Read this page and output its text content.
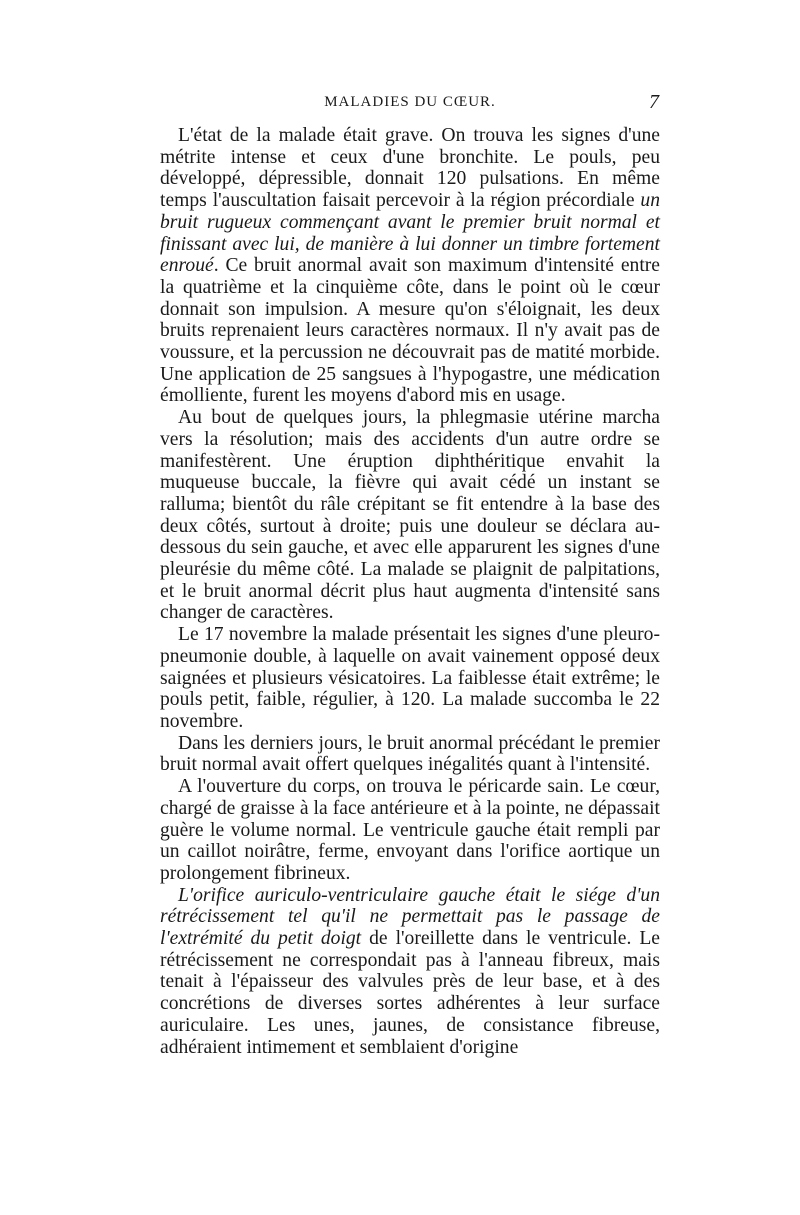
MALADIES DU CŒUR.	7

L'état de la malade était grave. On trouva les signes d'une métrite intense et ceux d'une bronchite. Le pouls, peu développé, dépressible, donnait 120 pulsations. En même temps l'auscultation faisait percevoir à la région précordiale un bruit rugueux commençant avant le premier bruit normal et finissant avec lui, de manière à lui donner un timbre fortement enroué. Ce bruit anormal avait son maximum d'intensité entre la quatrième et la cinquième côte, dans le point où le cœur donnait son impulsion. A mesure qu'on s'éloignait, les deux bruits reprenaient leurs caractères normaux. Il n'y avait pas de voussure, et la percussion ne découvrait pas de matité morbide. Une application de 25 sangsues à l'hypogastre, une médication émolliente, furent les moyens d'abord mis en usage.

Au bout de quelques jours, la phlegmasie utérine marcha vers la résolution; mais des accidents d'un autre ordre se manifestèrent. Une éruption diphthéritique envahit la muqueuse buccale, la fièvre qui avait cédé un instant se ralluma; bientôt du râle crépitant se fit entendre à la base des deux côtés, surtout à droite; puis une douleur se déclara au-dessous du sein gauche, et avec elle apparurent les signes d'une pleurésie du même côté. La malade se plaignit de palpitations, et le bruit anormal décrit plus haut augmenta d'intensité sans changer de caractères.

Le 17 novembre la malade présentait les signes d'une pleuropneumonie double, à laquelle on avait vainement opposé deux saignées et plusieurs vésicatoires. La faiblesse était extrême; le pouls petit, faible, régulier, à 120. La malade succomba le 22 novembre.

Dans les derniers jours, le bruit anormal précédant le premier bruit normal avait offert quelques inégalités quant à l'intensité.

A l'ouverture du corps, on trouva le péricarde sain. Le cœur, chargé de graisse à la face antérieure et à la pointe, ne dépassait guère le volume normal. Le ventricule gauche était rempli par un caillot noirâtre, ferme, envoyant dans l'orifice aortique un prolongement fibrineux.

L'orifice auriculo-ventriculaire gauche était le siége d'un rétrécissement tel qu'il ne permettait pas le passage de l'extrémité du petit doigt de l'oreillette dans le ventricule. Le rétrécissement ne correspondait pas à l'anneau fibreux, mais tenait à l'épaisseur des valvules près de leur base, et à des concrétions de diverses sortes adhérentes à leur surface auriculaire. Les unes, jaunes, de consistance fibreuse, adhéraient intimement et semblaient d'origine
